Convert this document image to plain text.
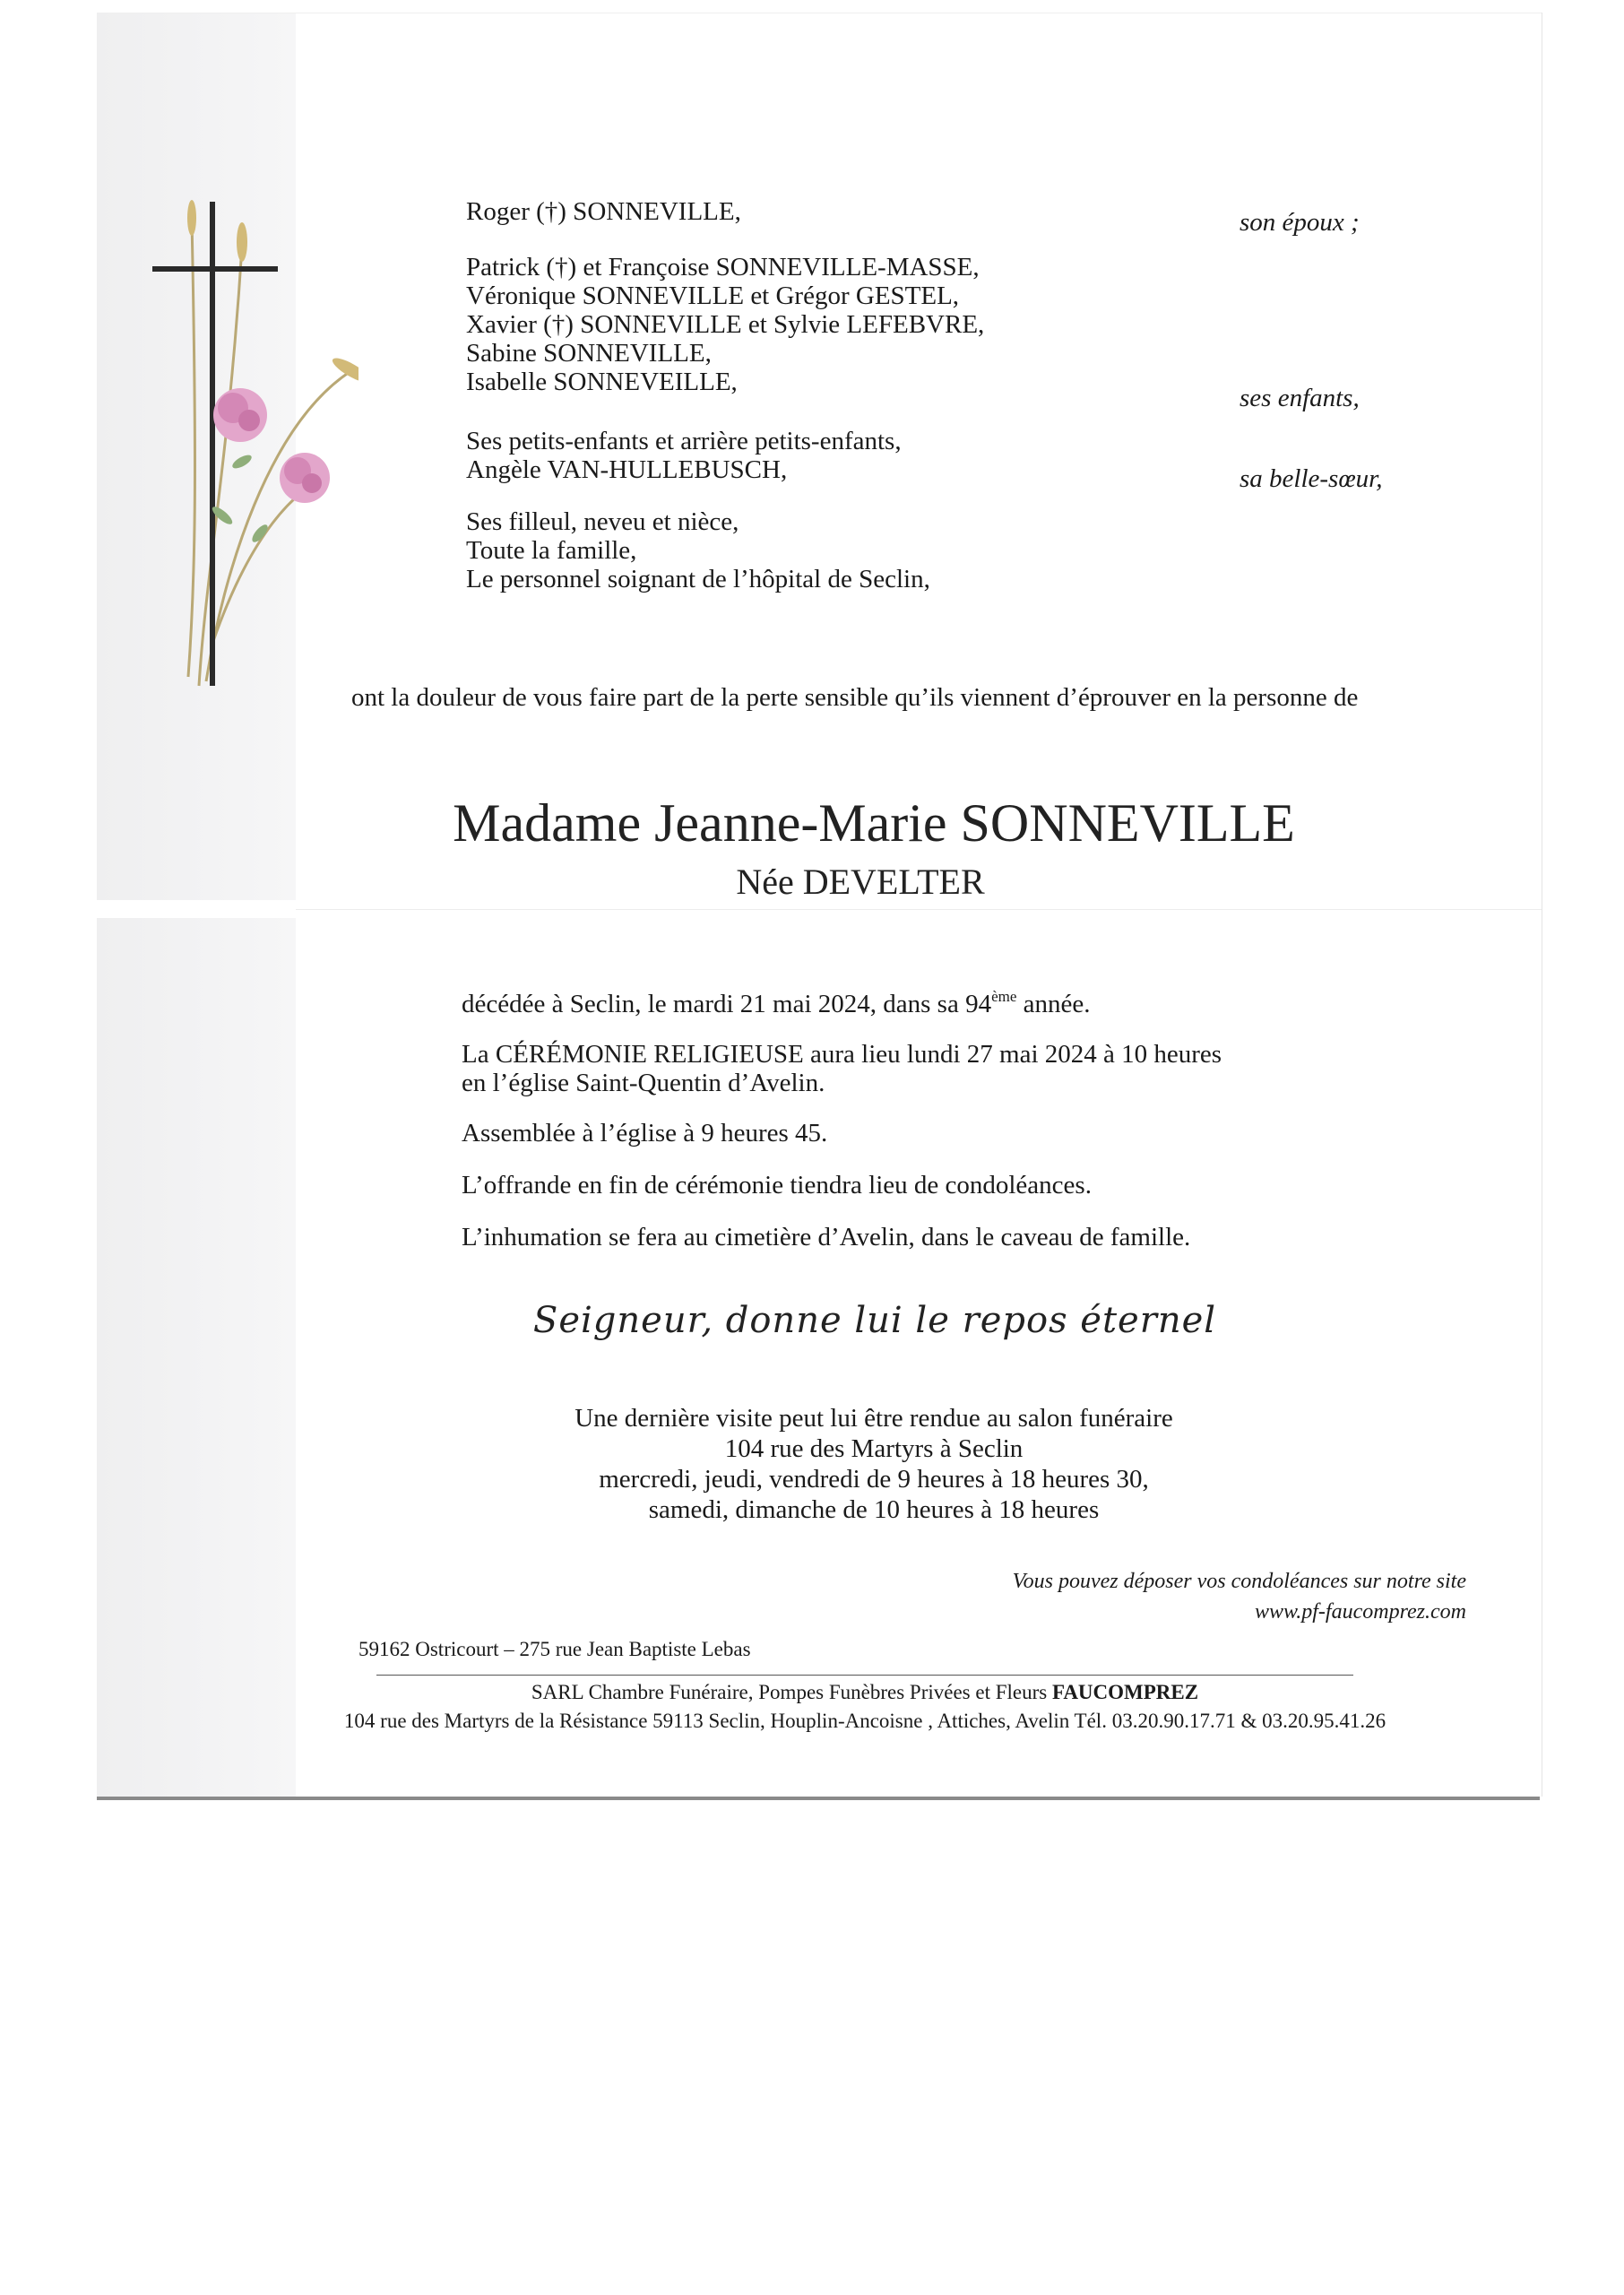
Roger (†) SONNEVILLE,	son époux ;
Patrick (†) et Françoise SONNEVILLE-MASSE,
Véronique SONNEVILLE et Grégor GESTEL,
Xavier (†) SONNEVILLE et Sylvie LEFEBVRE,
Sabine SONNEVILLE,
Isabelle SONNEVEILLE,
ses enfants,
Ses petits-enfants et arrière petits-enfants,
Angèle VAN-HULLEBUSCH,	sa belle-sœur,
Ses filleul, neveu et nièce,
Toute la famille,
Le personnel soignant de l’hôpital de Seclin,
ont la douleur de vous faire part de la perte sensible qu’ils viennent d’éprouver en la personne de
Madame Jeanne-Marie SONNEVILLE
Née DEVELTER
décédée à Seclin, le mardi 21 mai 2024, dans sa 94ème année.
La CÉRÉMONIE RELIGIEUSE aura lieu lundi 27 mai 2024 à 10 heures
en l’église Saint-Quentin d’Avelin.
Assemblée à l’église à 9 heures 45.
L’offrande en fin de cérémonie tiendra lieu de condoléances.
L’inhumation se fera au cimetière d’Avelin, dans le caveau de famille.
Seigneur, donne lui le repos éternel
Une dernière visite peut lui être rendue au salon funéraire
104 rue des Martyrs à Seclin
mercredi, jeudi, vendredi de 9 heures à 18 heures 30,
samedi, dimanche de 10 heures à 18 heures
Vous pouvez déposer vos condoléances sur notre site
www.pf-faucomprez.com
59162 Ostricourt – 275 rue Jean Baptiste Lebas
SARL Chambre Funéraire, Pompes Funèbres Privées et Fleurs FAUCOMPREZ
104 rue des Martyrs de la Résistance 59113 Seclin, Houplin-Ancoisne , Attiches, Avelin Tél. 03.20.90.17.71 & 03.20.95.41.26
